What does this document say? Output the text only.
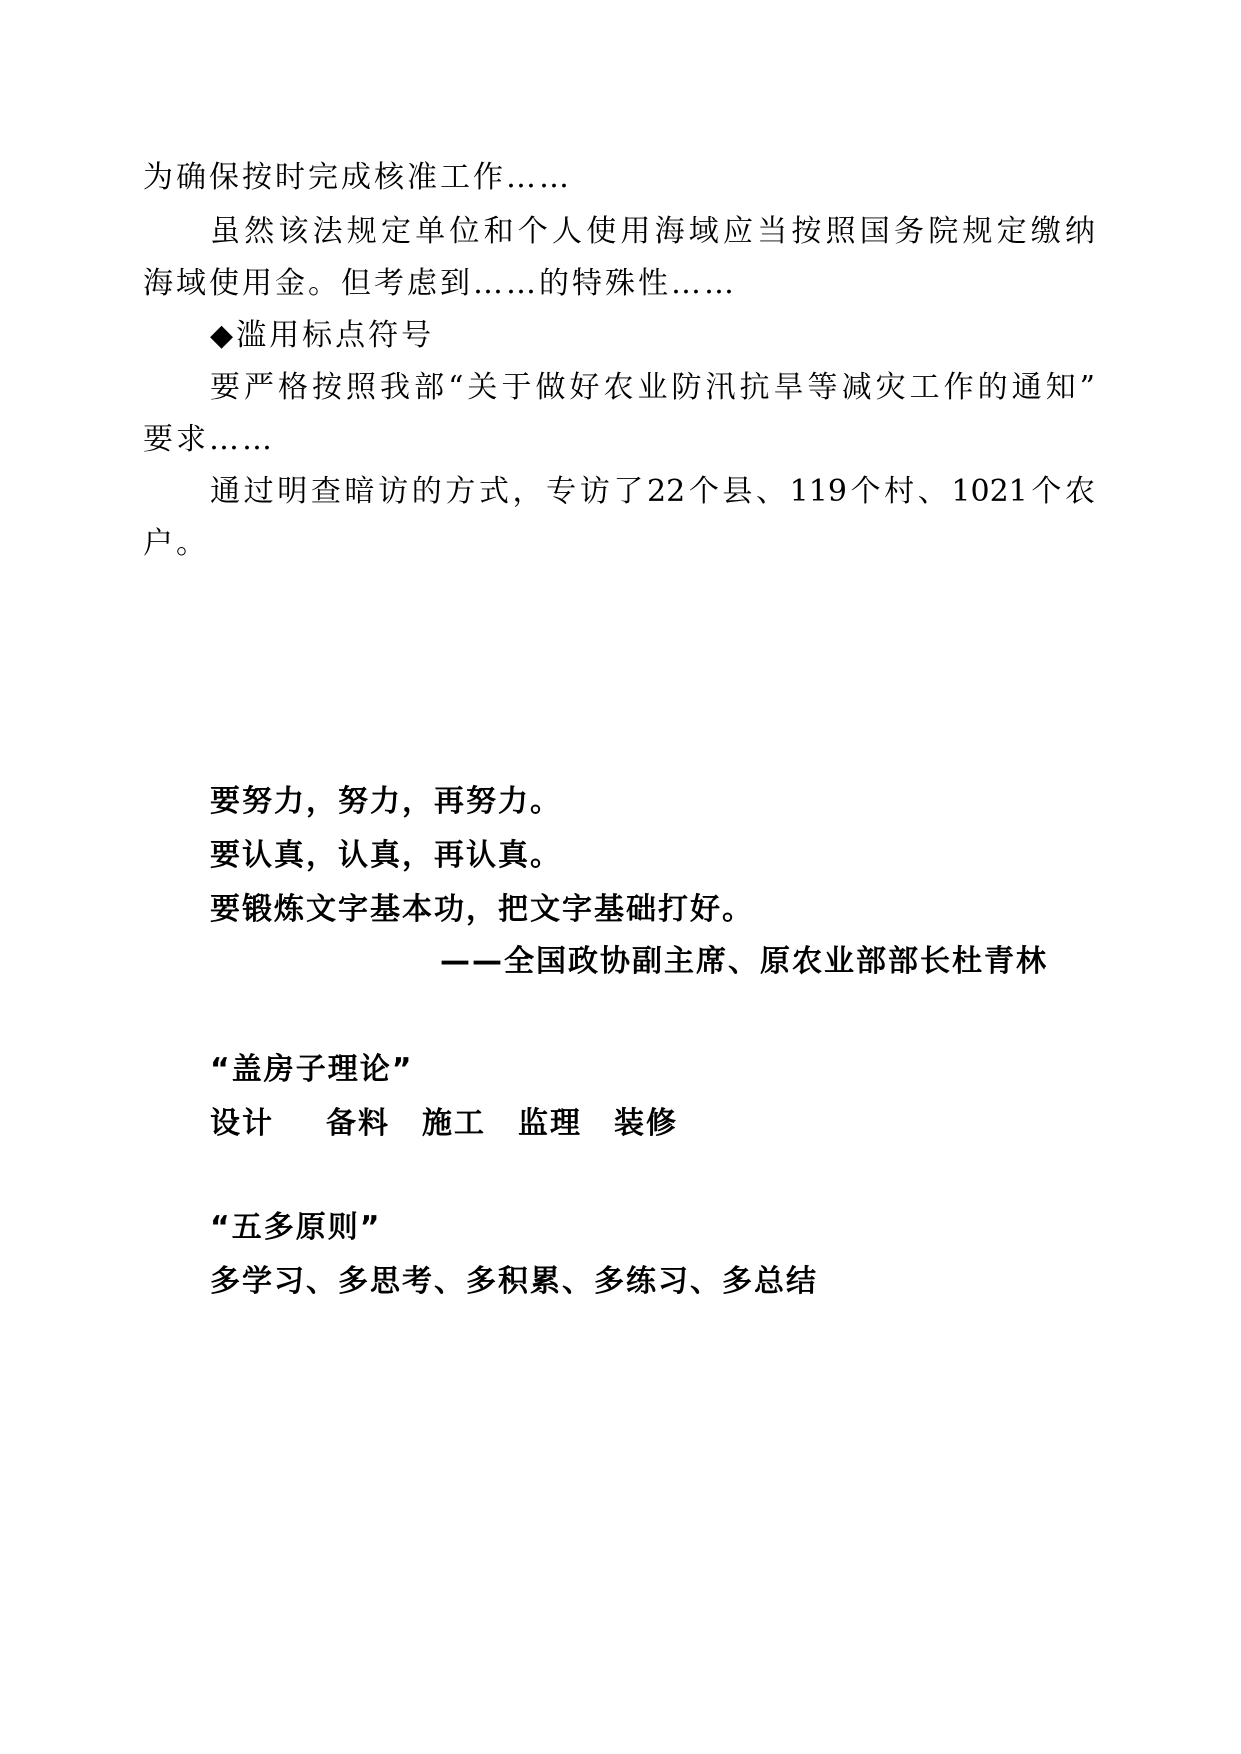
为确保按时完成核准工作……
虽然该法规定单位和个人使用海域应当按照国务院规定缴纳
海域使用金。但考虑到……的特殊性……
◆滥用标点符号
要严格按照我部“关于做好农业防汛抗旱等减灾工作的通知”
要求……
通过明查暗访的方式，专访了22个县、119个村、1021个农
户。
要努力，努力，再努力。
要认真，认真，再认真。
要锻炼文字基本功，把文字基础打好。
——全国政协副主席、原农业部部长杜青林
“盖房子理论”
设计 备料 施工 监理 装修
“五多原则”
多学习、多思考、多积累、多练习、多总结
